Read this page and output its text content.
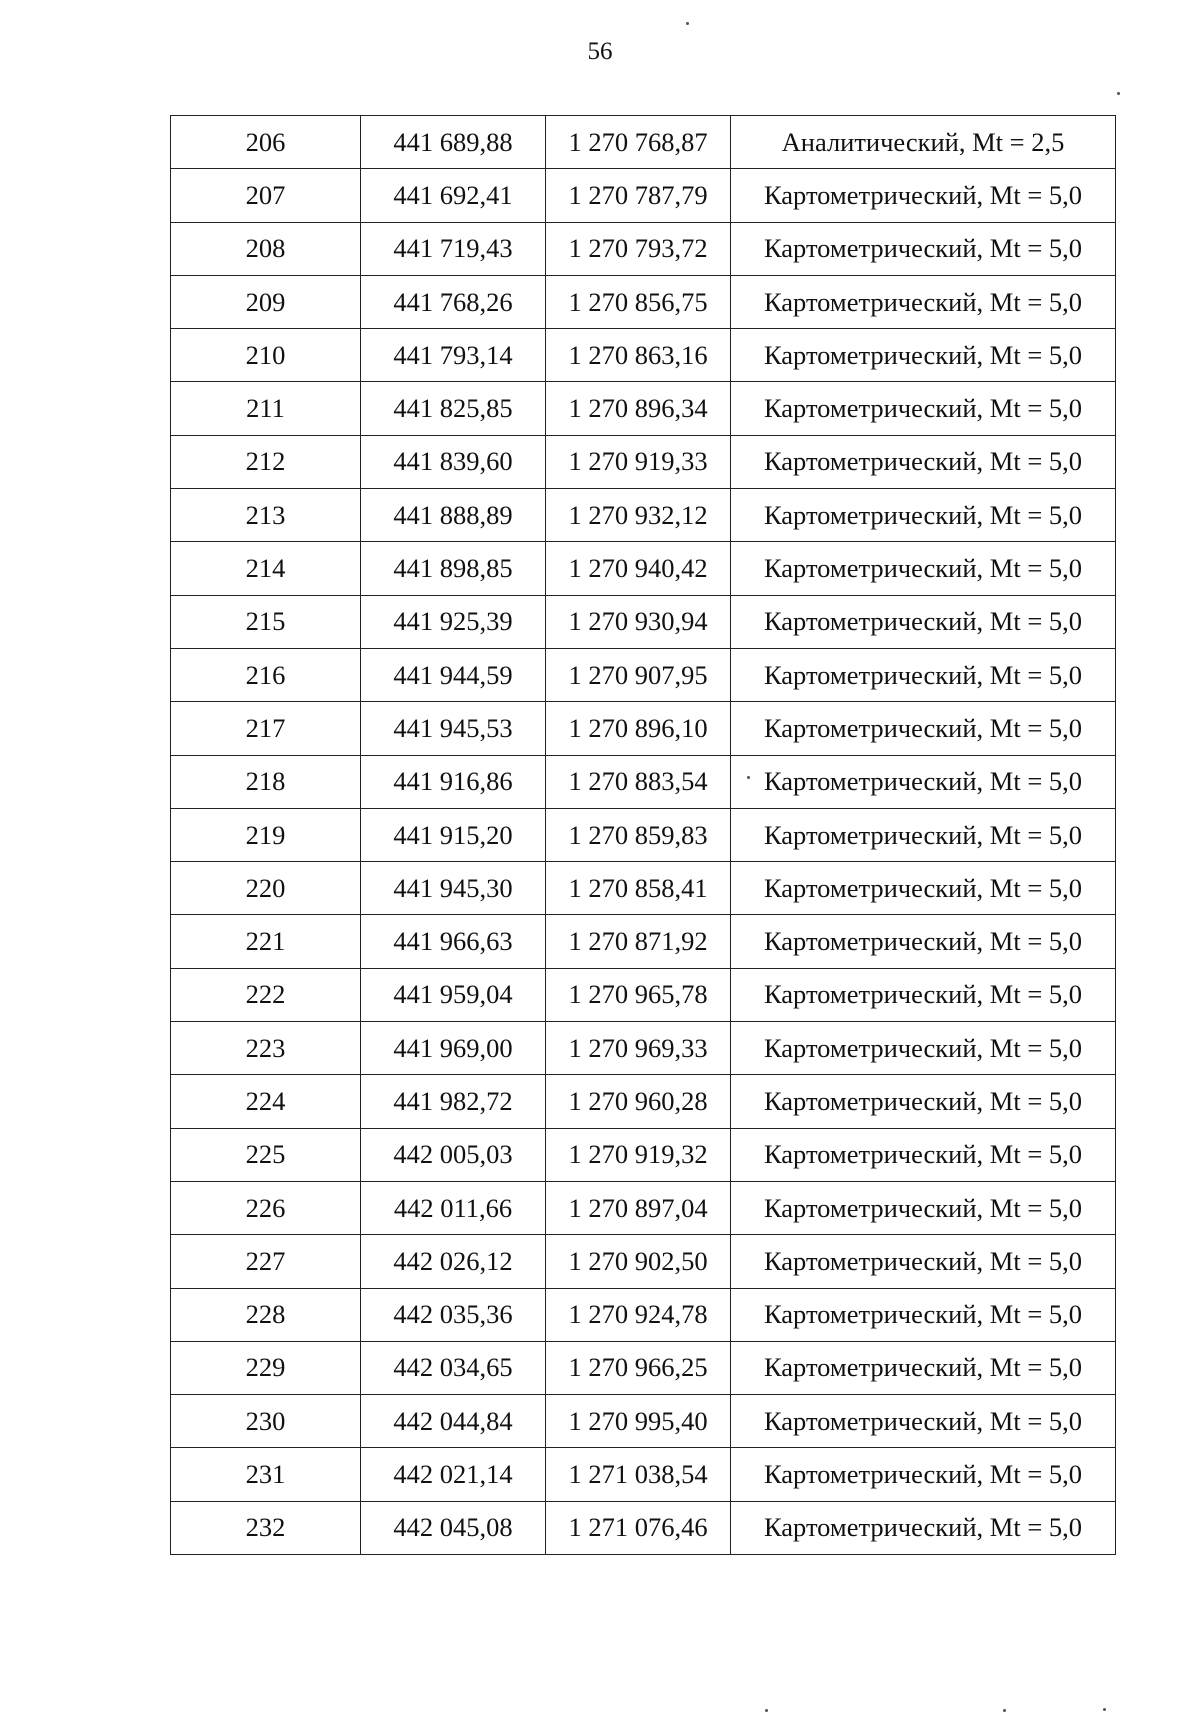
56
206	441 689,88	1 270 768,87	Аналитический, Mt = 2,5
207	441 692,41	1 270 787,79	Картометрический, Mt = 5,0
208	441 719,43	1 270 793,72	Картометрический, Mt = 5,0
209	441 768,26	1 270 856,75	Картометрический, Mt = 5,0
210	441 793,14	1 270 863,16	Картометрический, Mt = 5,0
211	441 825,85	1 270 896,34	Картометрический, Mt = 5,0
212	441 839,60	1 270 919,33	Картометрический, Mt = 5,0
213	441 888,89	1 270 932,12	Картометрический, Mt = 5,0
214	441 898,85	1 270 940,42	Картометрический, Mt = 5,0
215	441 925,39	1 270 930,94	Картометрический, Mt = 5,0
216	441 944,59	1 270 907,95	Картометрический, Mt = 5,0
217	441 945,53	1 270 896,10	Картометрический, Mt = 5,0
218	441 916,86	1 270 883,54	Картометрический, Mt = 5,0
219	441 915,20	1 270 859,83	Картометрический, Mt = 5,0
220	441 945,30	1 270 858,41	Картометрический, Mt = 5,0
221	441 966,63	1 270 871,92	Картометрический, Mt = 5,0
222	441 959,04	1 270 965,78	Картометрический, Mt = 5,0
223	441 969,00	1 270 969,33	Картометрический, Mt = 5,0
224	441 982,72	1 270 960,28	Картометрический, Mt = 5,0
225	442 005,03	1 270 919,32	Картометрический, Mt = 5,0
226	442 011,66	1 270 897,04	Картометрический, Mt = 5,0
227	442 026,12	1 270 902,50	Картометрический, Mt = 5,0
228	442 035,36	1 270 924,78	Картометрический, Mt = 5,0
229	442 034,65	1 270 966,25	Картометрический, Mt = 5,0
230	442 044,84	1 270 995,40	Картометрический, Mt = 5,0
231	442 021,14	1 271 038,54	Картометрический, Mt = 5,0
232	442 045,08	1 271 076,46	Картометрический, Mt = 5,0
